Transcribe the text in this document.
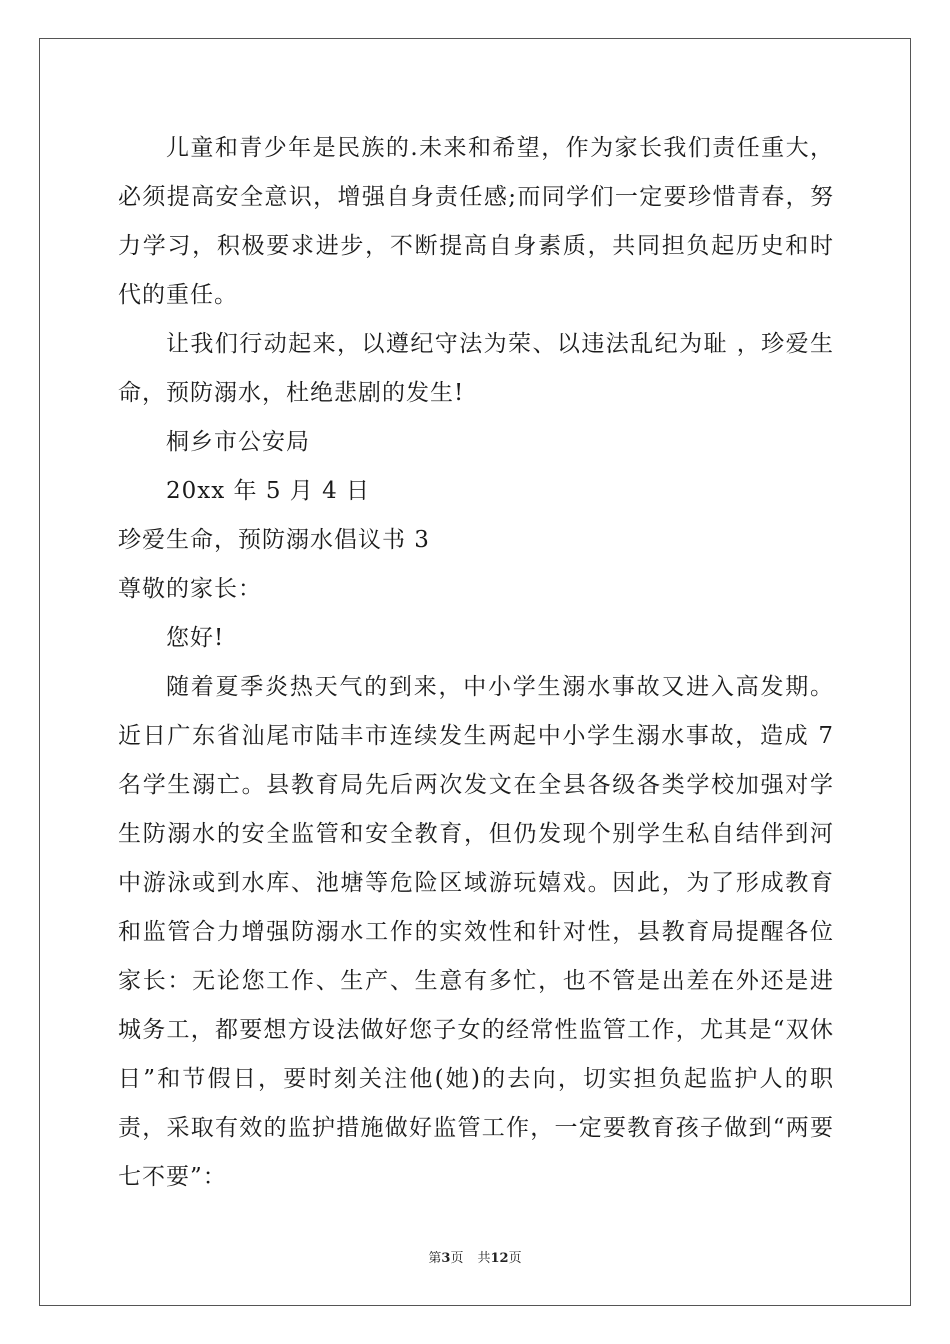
儿童和青少年是民族的.未来和希望，作为家长我们责任重大，必须提高安全意识，增强自身责任感;而同学们一定要珍惜青春，努力学习，积极要求进步，不断提高自身素质，共同担负起历史和时代的重任。

让我们行动起来，以遵纪守法为荣、以违法乱纪为耻 ，珍爱生命，预防溺水，杜绝悲剧的发生!

桐乡市公安局

20xx 年 5 月 4 日

珍爱生命，预防溺水倡议书 3

尊敬的家长：

您好!

随着夏季炎热天气的到来，中小学生溺水事故又进入高发期。近日广东省汕尾市陆丰市连续发生两起中小学生溺水事故，造成 7 名学生溺亡。县教育局先后两次发文在全县各级各类学校加强对学生防溺水的安全监管和安全教育，但仍发现个别学生私自结伴到河中游泳或到水库、池塘等危险区域游玩嬉戏。因此，为了形成教育和监管合力增强防溺水工作的实效性和针对性，县教育局提醒各位家长：无论您工作、生产、生意有多忙，也不管是出差在外还是进城务工，都要想方设法做好您子女的经常性监管工作，尤其是“双休日”和节假日，要时刻关注他(她)的去向，切实担负起监护人的职责，采取有效的监护措施做好监管工作，一定要教育孩子做到“两要七不要”：

第3页 共12页
